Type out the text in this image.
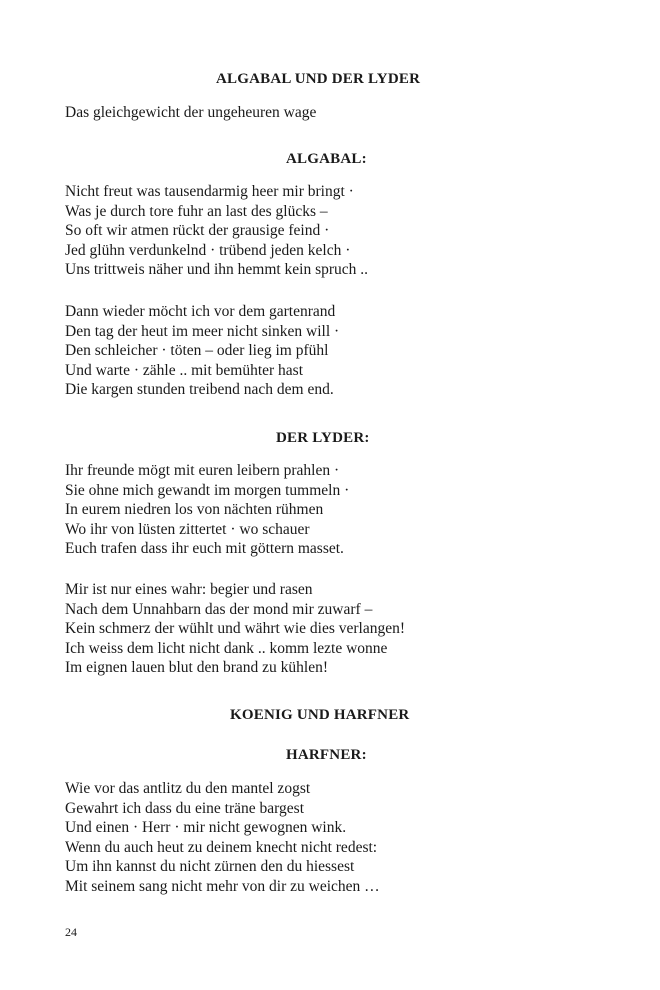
ALGABAL UND DER LYDER
Das gleichgewicht der ungeheuren wage
ALGABAL:
Nicht freut was tausendarmig heer mir bringt ·
Was je durch tore fuhr an last des glücks –
So oft wir atmen rückt der grausige feind ·
Jed glühn verdunkelnd · trübend jeden kelch ·
Uns trittweis näher und ihn hemmt kein spruch ..
Dann wieder möcht ich vor dem gartenrand
Den tag der heut im meer nicht sinken will ·
Den schleicher · töten – oder lieg im pfühl
Und warte · zähle .. mit bemühter hast
Die kargen stunden treibend nach dem end.
DER LYDER:
Ihr freunde mögt mit euren leibern prahlen ·
Sie ohne mich gewandt im morgen tummeln ·
In eurem niedren los von nächten rühmen
Wo ihr von lüsten zittertet · wo schauer
Euch trafen dass ihr euch mit göttern masset.
Mir ist nur eines wahr: begier und rasen
Nach dem Unnahbarn das der mond mir zuwarf –
Kein schmerz der wühlt und währt wie dies verlangen!
Ich weiss dem licht nicht dank .. komm lezte wonne
Im eignen lauen blut den brand zu kühlen!
KOENIG UND HARFNER
HARFNER:
Wie vor das antlitz du den mantel zogst
Gewahrt ich dass du eine träne bargest
Und einen · Herr · mir nicht gewognen wink.
Wenn du auch heut zu deinem knecht nicht redest:
Um ihn kannst du nicht zürnen den du hiessest
Mit seinem sang nicht mehr von dir zu weichen …
24
